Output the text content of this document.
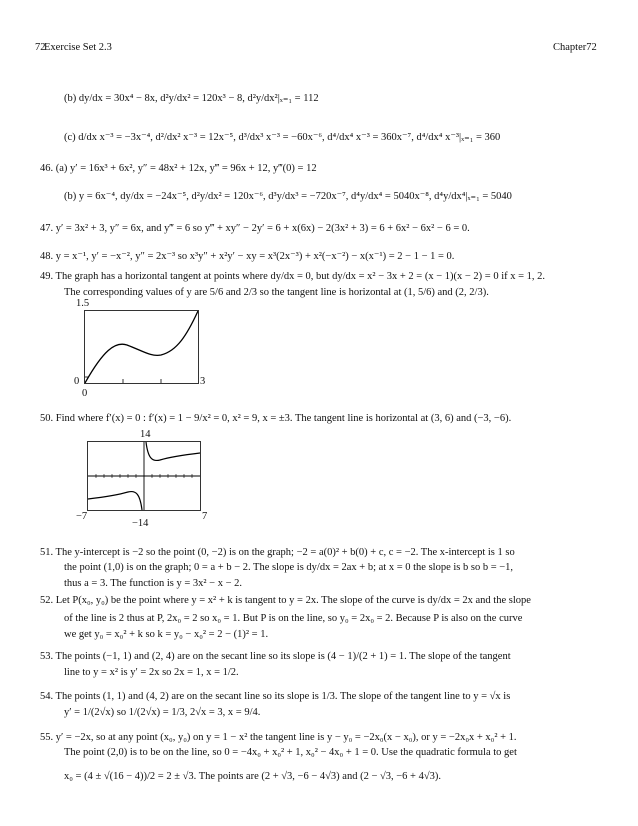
72
Exercise Set 2.3	Chapter72
(b) dy/dx = 30x⁴ − 8x, d²y/dx² = 120x³ − 8, d²y/dx²|ₓ₌₁ = 112
(c) d/dx x⁻³ = −3x⁻⁴, d²/dx² x⁻³ = 12x⁻⁵, d³/dx³ x⁻³ = −60x⁻⁶, d⁴/dx⁴ x⁻³ = 360x⁻⁷, d⁴/dx⁴ x⁻³|ₓ₌₁ = 360
46. (a) y′ = 16x³ + 6x², y″ = 48x² + 12x, y‴ = 96x + 12, y‴(0) = 12
(b) y = 6x⁻⁴, dy/dx = −24x⁻⁵, d²y/dx² = 120x⁻⁶, d³y/dx³ = −720x⁻⁷, d⁴y/dx⁴ = 5040x⁻⁸, d⁴y/dx⁴|ₓ₌₁ = 5040
47. y′ = 3x² + 3, y″ = 6x, and y‴ = 6 so y‴ + xy″ − 2y′ = 6 + x(6x) − 2(3x² + 3) = 6 + 6x² − 6x² − 6 = 0.
48. y = x⁻¹, y′ = −x⁻², y″ = 2x⁻³ so x³y″ + x²y′ − xy = x³(2x⁻³) + x²(−x⁻²) − x(x⁻¹) = 2 − 1 − 1 = 0.
49. The graph has a horizontal tangent at points where dy/dx = 0, but dy/dx = x² − 3x + 2 = (x − 1)(x − 2) = 0 if x = 1, 2.
The corresponding values of y are 5/6 and 2/3 so the tangent line is horizontal at (1, 5/6) and (2, 2/3).
1.5
0
0
3
50. Find where f′(x) = 0 : f′(x) = 1 − 9/x² = 0, x² = 9, x = ±3. The tangent line is horizontal at (3, 6) and (−3, −6).
14
−7	7
−14
51. The y-intercept is −2 so the point (0, −2) is on the graph; −2 = a(0)² + b(0) + c, c = −2. The x-intercept is 1 so
the point (1,0) is on the graph; 0 = a + b − 2. The slope is dy/dx = 2ax + b; at x = 0 the slope is b so b = −1,
thus a = 3. The function is y = 3x² − x − 2.
52. Let P(x₀, y₀) be the point where y = x² + k is tangent to y = 2x. The slope of the curve is dy/dx = 2x and the slope
of the line is 2 thus at P, 2x₀ = 2 so x₀ = 1. But P is on the line, so y₀ = 2x₀ = 2. Because P is also on the curve
we get y₀ = x₀² + k so k = y₀ − x₀² = 2 − (1)² = 1.
53. The points (−1, 1) and (2, 4) are on the secant line so its slope is (4 − 1)/(2 + 1) = 1. The slope of the tangent
line to y = x² is y′ = 2x so 2x = 1, x = 1/2.
54. The points (1, 1) and (4, 2) are on the secant line so its slope is 1/3. The slope of the tangent line to y = √x is
y′ = 1/(2√x) so 1/(2√x) = 1/3, 2√x = 3, x = 9/4.
55. y′ = −2x, so at any point (x₀, y₀) on y = 1 − x² the tangent line is y − y₀ = −2x₀(x − x₀), or y = −2x₀x + x₀² + 1.
The point (2,0) is to be on the line, so 0 = −4x₀ + x₀² + 1, x₀² − 4x₀ + 1 = 0. Use the quadratic formula to get
x₀ = (4 ± √(16 − 4))/2 = 2 ± √3. The points are (2 + √3, −6 − 4√3) and (2 − √3, −6 + 4√3).
